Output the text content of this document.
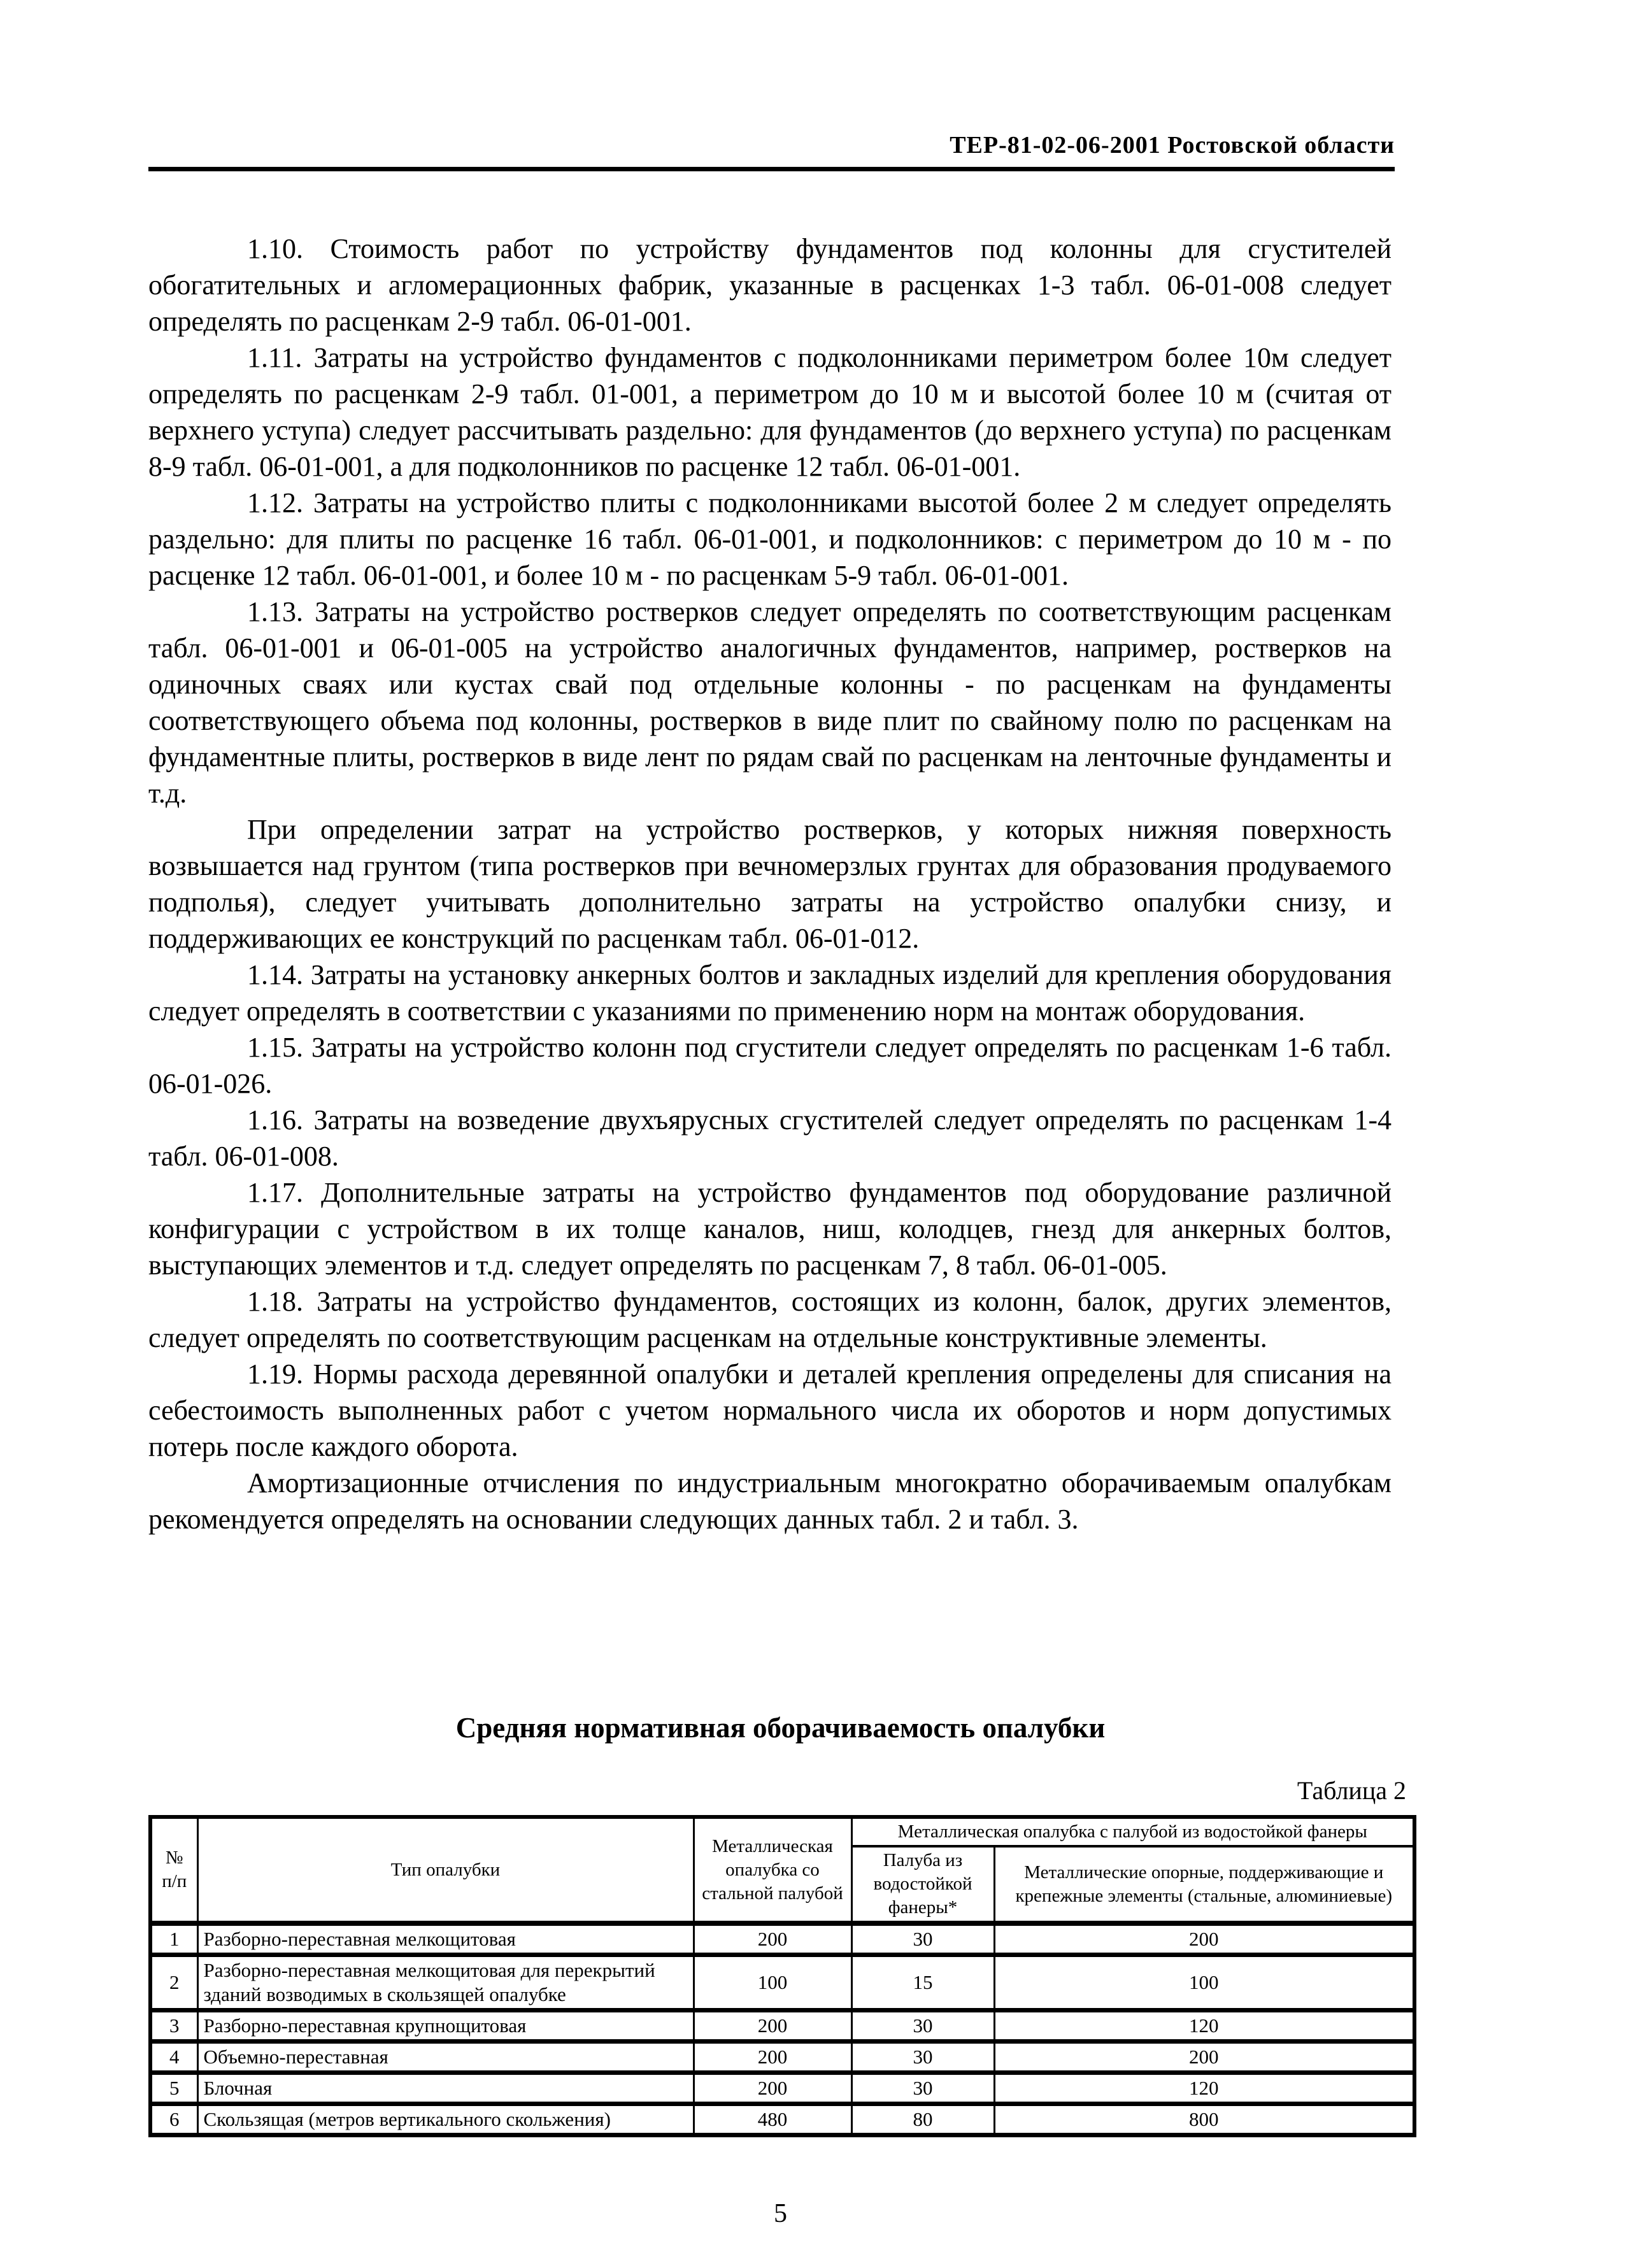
ТЕР-81-02-06-2001 Ростовской области

1.10. Стоимость работ по устройству фундаментов под колонны для сгустителей обогатительных и агломерационных фабрик, указанные в расценках 1-3 табл. 06-01-008 следует определять по расценкам 2-9 табл. 06-01-001.

1.11. Затраты на устройство фундаментов с подколонниками периметром более 10м следует определять по расценкам 2-9 табл. 01-001, а периметром до 10 м и высотой более 10 м (считая от верхнего уступа) следует рассчитывать раздельно: для фундаментов (до верхнего уступа) по расценкам 8-9 табл. 06-01-001, а для подколонников по расценке 12 табл. 06-01-001.

1.12. Затраты на устройство плиты с подколонниками высотой более 2 м следует определять раздельно: для плиты по расценке 16 табл. 06-01-001, и подколонников: с периметром до 10 м - по расценке 12 табл. 06-01-001, и более 10 м - по расценкам 5-9 табл. 06-01-001.

1.13. Затраты на устройство ростверков следует определять по соответствующим расценкам табл. 06-01-001 и 06-01-005 на устройство аналогичных фундаментов, например, ростверков на одиночных сваях или кустах свай под отдельные колонны - по расценкам на фундаменты соответствующего объема под колонны, ростверков в виде плит по свайному полю по расценкам на фундаментные плиты, ростверков в виде лент по рядам свай по расценкам на ленточные фундаменты и т.д.

При определении затрат на устройство ростверков, у которых нижняя поверхность возвышается над грунтом (типа ростверков при вечномерзлых грунтах для образования продуваемого подполья), следует учитывать дополнительно затраты на устройство опалубки снизу, и поддерживающих ее конструкций по расценкам табл. 06-01-012.

1.14. Затраты на установку анкерных болтов и закладных изделий для крепления оборудования следует определять в соответствии с указаниями по применению норм на монтаж оборудования.

1.15. Затраты на устройство колонн под сгустители следует определять по расценкам 1-6 табл. 06-01-026.

1.16. Затраты на возведение двухъярусных сгустителей следует определять по расценкам 1-4 табл. 06-01-008.

1.17. Дополнительные затраты на устройство фундаментов под оборудование различной конфигурации с устройством в их толще каналов, ниш, колодцев, гнезд для анкерных болтов, выступающих элементов и т.д. следует определять по расценкам 7, 8 табл. 06-01-005.

1.18. Затраты на устройство фундаментов, состоящих из колонн, балок, других элементов, следует определять по соответствующим расценкам на отдельные конструктивные элементы.

1.19. Нормы расхода деревянной опалубки и деталей крепления определены для списания на себестоимость выполненных работ с учетом нормального числа их оборотов и норм допустимых потерь после каждого оборота.

Амортизационные отчисления по индустриальным многократно оборачиваемым опалубкам рекомендуется определять на основании следующих данных табл. 2 и табл. 3.

Средняя нормативная оборачиваемость опалубки
Таблица 2
№ п/п	Тип опалубки	Металлическая опалубка со стальной палубой	Металлическая опалубка с палубой из водостойкой фанеры	
			Палуба из водостойкой фанеры*	Металлические опорные, поддерживающие и крепежные элементы (стальные, алюминиевые)
1	Разборно-переставная мелкощитовая	200	30	200
2	Разборно-переставная мелкощитовая для перекрытий зданий возводимых в скользящей опалубке	100	15	100
3	Разборно-переставная крупнощитовая	200	30	120
4	Объемно-переставная	200	30	200
5	Блочная	200	30	120
6	Скользящая (метров вертикального скольжения)	480	80	800
5
